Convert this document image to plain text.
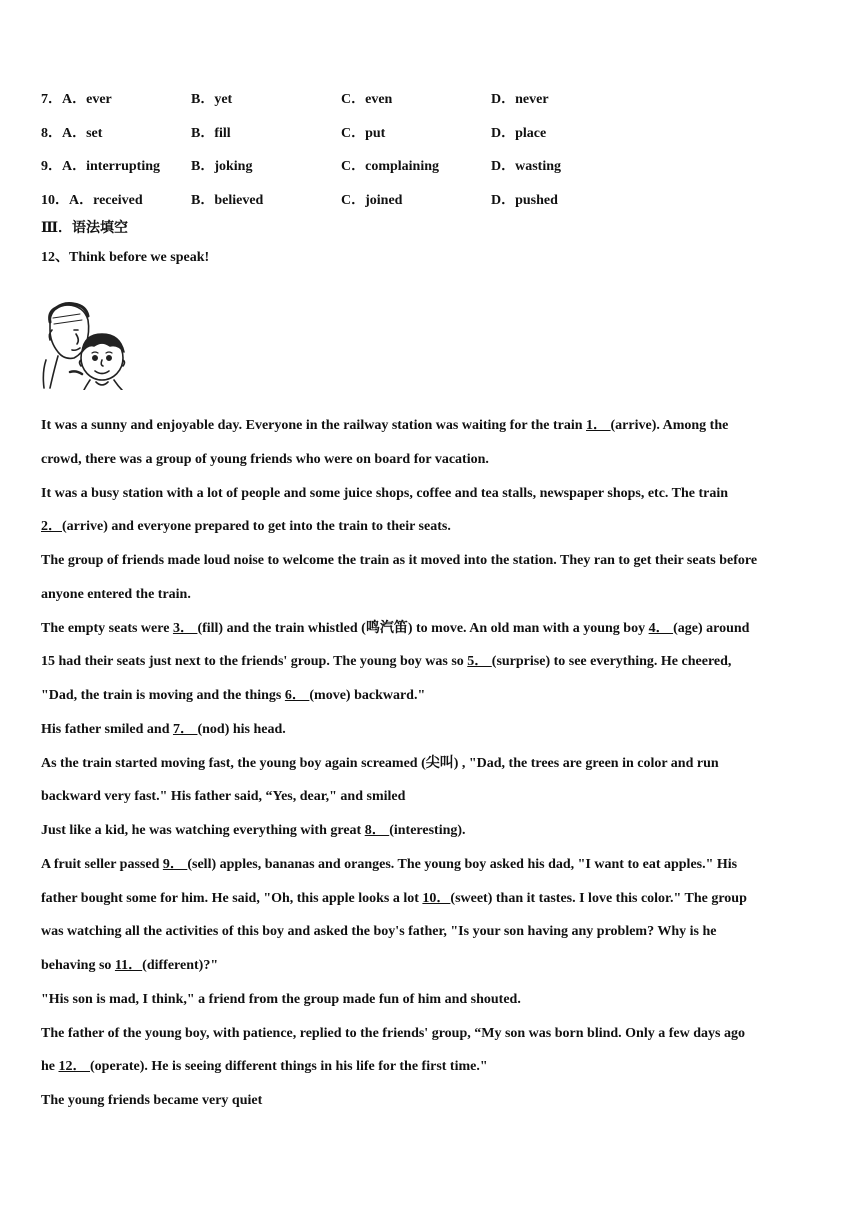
7．A．ever	B．yet	C．even	D．never
8．A．set	B．fill	C．put	D．place
9．A．interrupting B．joking	C．complaining	D．wasting
10．A．received	B．believed	C．joined	D．pushed
Ⅲ．语法填空
12、Think before we speak!
It was a sunny and enjoyable day. Everyone in the railway station was waiting for the train 1． (arrive). Among the
crowd, there was a group of young friends who were on board for vacation.
It was a busy station with a lot of people and some juice shops, coffee and tea stalls, newspaper shops, etc. The train
2．(arrive) and everyone prepared to get into the train to their seats.
The group of friends made loud noise to welcome the train as it moved into the station. They ran to get their seats before
anyone entered the train.
The empty seats were 3． (fill) and the train whistled (鸣汽笛) to move. An old man with a young boy 4． (age) around
15 had their seats just next to the friends' group. The young boy was so 5． (surprise) to see everything. He cheered,
"Dad, the train is moving and the things 6． (move) backward."
His father smiled and 7． (nod) his head.
As the train started moving fast, the young boy again screamed (尖叫) , "Dad, the trees are green in color and run
backward very fast." His father said, “Yes, dear," and smiled
Just like a kid, he was watching everything with great 8． (interesting).
A fruit seller passed 9． (sell) apples, bananas and oranges. The young boy asked his dad, "I want to eat apples." His
father bought some for him. He said, "Oh, this apple looks a lot 10．(sweet) than it tastes. I love this color." The group
was watching all the activities of this boy and asked the boy's father, "Is your son having any problem? Why is he
behaving so 11．(different)?"
"His son is mad, I think," a friend from the group made fun of him and shouted.
The father of the young boy, with patience, replied to the friends' group, “My son was born blind. Only a few days ago
he 12． (operate). He is seeing different things in his life for the first time."
The young friends became very quiet
